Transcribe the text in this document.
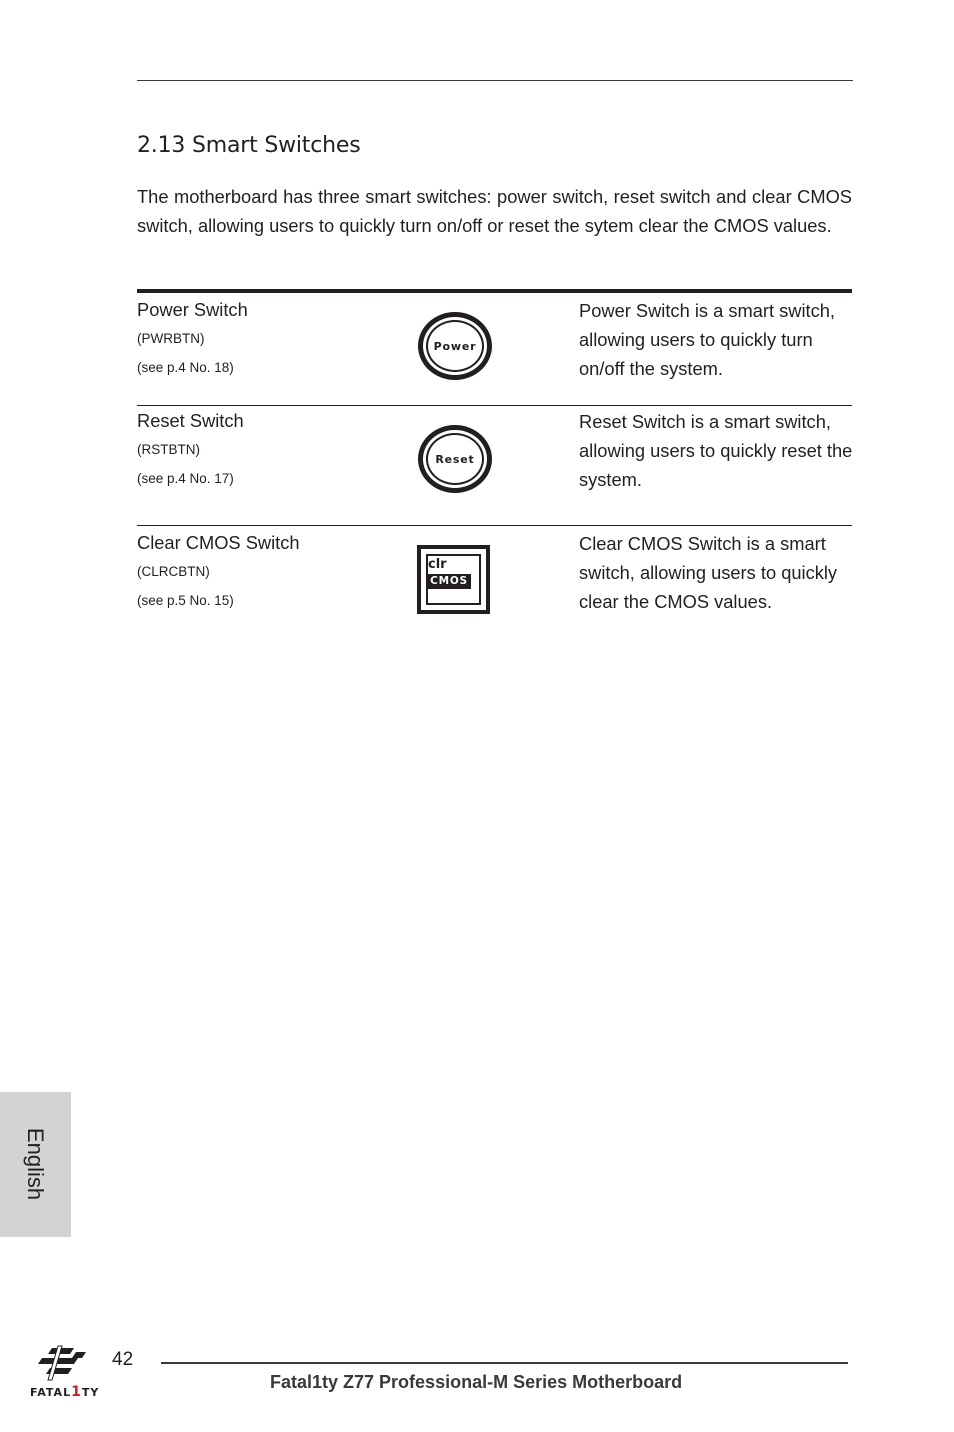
2.13 Smart Switches

The motherboard has three smart switches: power switch, reset switch and clear CMOS switch, allowing users to quickly turn on/off or reset the sytem clear the CMOS values.

Power Switch
(PWRBTN)
(see p.4 No. 18)
Power

Power Switch is a smart switch, allowing users to quickly turn on/off the system.

Reset Switch
(RSTBTN)
(see p.4 No. 17)
Reset

Reset Switch is a smart switch, allowing users to quickly reset the system.

Clear CMOS Switch
(CLRCBTN)
(see p.5 No. 15)
clr
CMOS

Clear CMOS Switch is a smart switch, allowing users to quickly clear the CMOS values.

English
FATAL1TY
42
Fatal1ty Z77 Professional-M Series Motherboard
